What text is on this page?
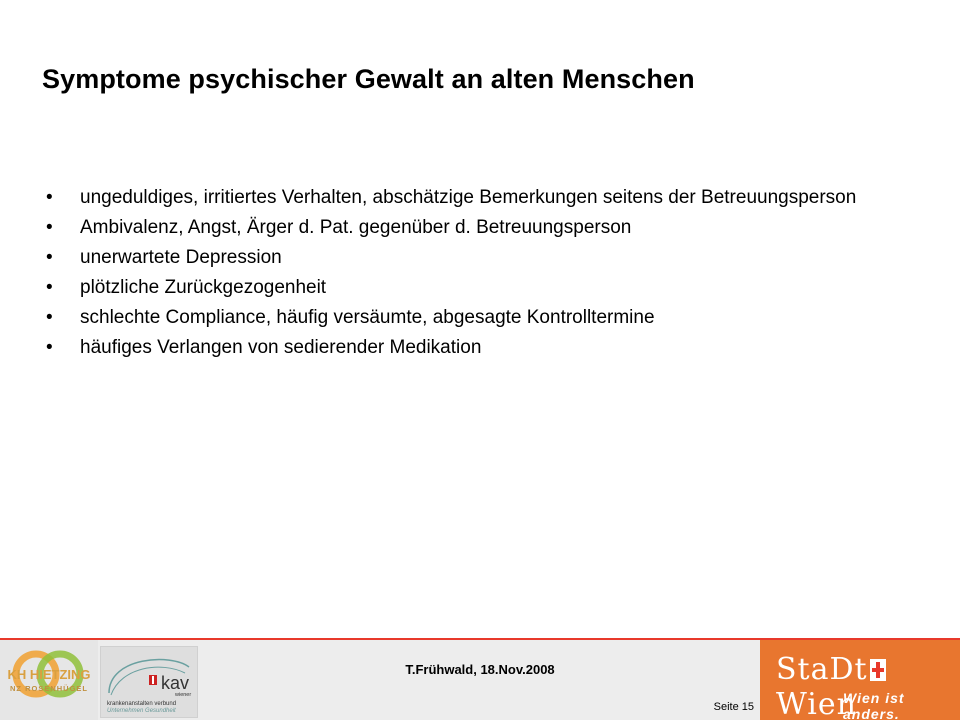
Symptome psychischer Gewalt an alten Menschen
• ungeduldiges, irritiertes Verhalten, abschätzige Bemerkungen seitens der Betreuungsperson
• Ambivalenz, Angst, Ärger d. Pat. gegenüber d. Betreuungsperson
• unerwartete Depression
• plötzliche Zurückgezogenheit
• schlechte Compliance, häufig versäumte, abgesagte Kontrolltermine
• häufiges Verlangen von sedierender Medikation
KH HIETZING
NZ ROSENHÜGEL	kav
wiener
krankenanstalten verbund
Unternehmen Gesundheit
T.Frühwald, 18.Nov.2008
Seite 15
StaDt
Wien
Wien ist anders.
